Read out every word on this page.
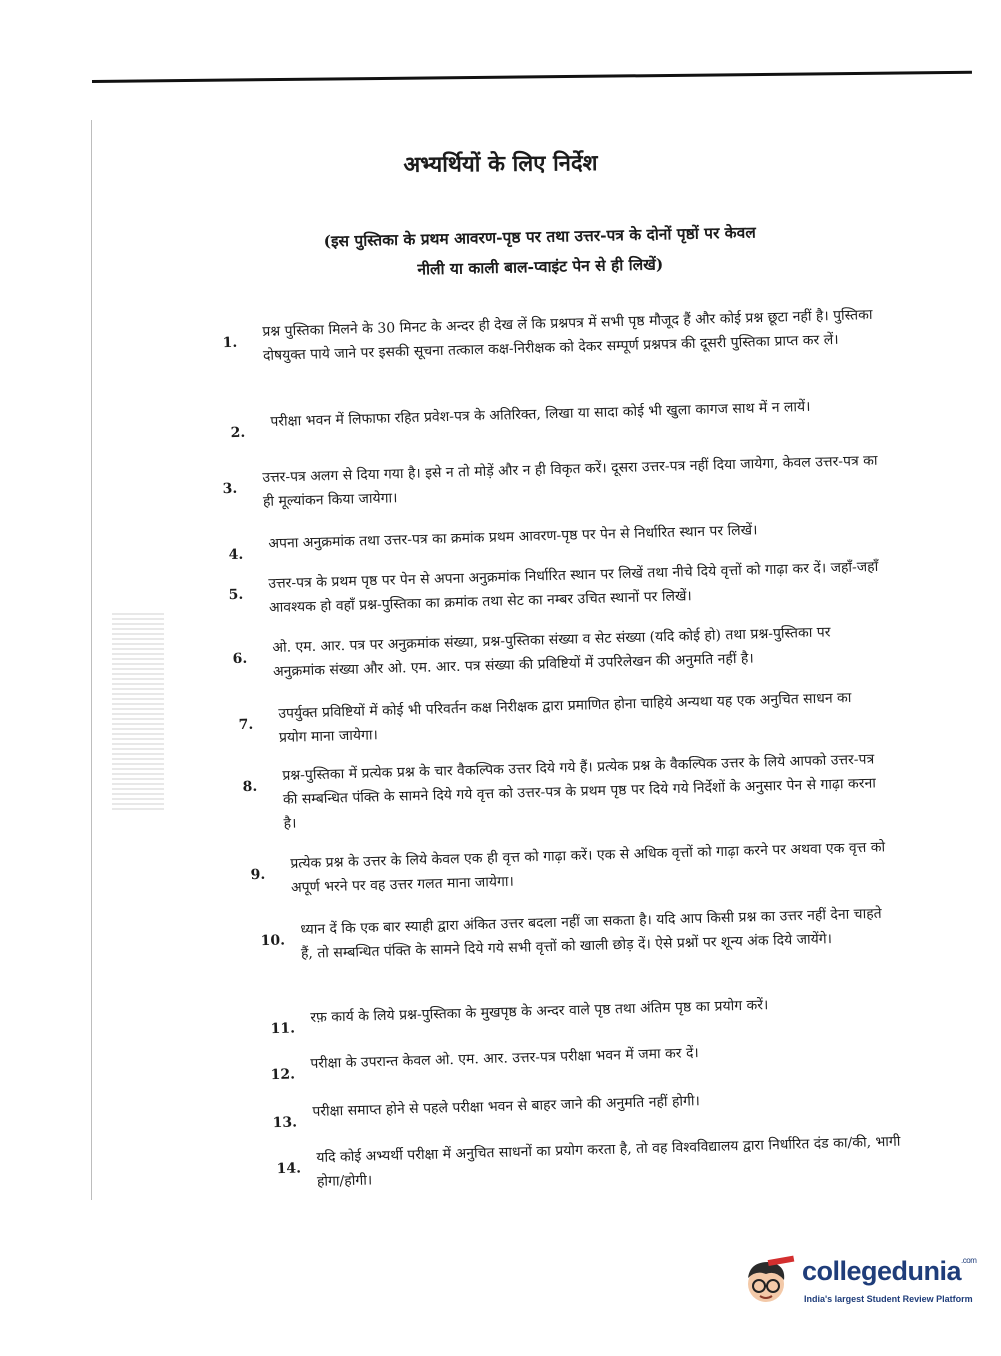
अभ्यर्थियों के लिए निर्देश
(इस पुस्तिका के प्रथम आवरण-पृष्ठ पर तथा उत्तर-पत्र के दोनों पृष्ठों पर केवल
नीली या काली बाल-प्वाइंट पेन से ही लिखें)
1.
प्रश्न पुस्तिका मिलने के 30 मिनट के अन्दर ही देख लें कि प्रश्नपत्र में सभी पृष्ठ मौजूद हैं और कोई प्रश्न छूटा नहीं है। पुस्तिका दोषयुक्त पाये जाने पर इसकी सूचना तत्काल कक्ष-निरीक्षक को देकर सम्पूर्ण प्रश्नपत्र की दूसरी पुस्तिका प्राप्त कर लें।
2.
परीक्षा भवन में लिफाफा रहित प्रवेश-पत्र के अतिरिक्त, लिखा या सादा कोई भी खुला कागज साथ में न लायें।
3.
उत्तर-पत्र अलग से दिया गया है। इसे न तो मोड़ें और न ही विकृत करें। दूसरा उत्तर-पत्र नहीं दिया जायेगा, केवल उत्तर-पत्र का ही मूल्यांकन किया जायेगा।
4.
अपना अनुक्रमांक तथा उत्तर-पत्र का क्रमांक प्रथम आवरण-पृष्ठ पर पेन से निर्धारित स्थान पर लिखें।
5.
उत्तर-पत्र के प्रथम पृष्ठ पर पेन से अपना अनुक्रमांक निर्धारित स्थान पर लिखें तथा नीचे दिये वृत्तों को गाढ़ा कर दें। जहाँ-जहाँ आवश्यक हो वहाँ प्रश्न-पुस्तिका का क्रमांक तथा सेट का नम्बर उचित स्थानों पर लिखें।
6.
ओ. एम. आर. पत्र पर अनुक्रमांक संख्या, प्रश्न-पुस्तिका संख्या व सेट संख्या (यदि कोई हो) तथा प्रश्न-पुस्तिका पर अनुक्रमांक संख्या और ओ. एम. आर. पत्र संख्या की प्रविष्टियों में उपरिलेखन की अनुमति नहीं है।
7.
उपर्युक्त प्रविष्टियों में कोई भी परिवर्तन कक्ष निरीक्षक द्वारा प्रमाणित होना चाहिये अन्यथा यह एक अनुचित साधन का प्रयोग माना जायेगा।
8.
प्रश्न-पुस्तिका में प्रत्येक प्रश्न के चार वैकल्पिक उत्तर दिये गये हैं। प्रत्येक प्रश्न के वैकल्पिक उत्तर के लिये आपको उत्तर-पत्र की सम्बन्धित पंक्ति के सामने दिये गये वृत्त को उत्तर-पत्र के प्रथम पृष्ठ पर दिये गये निर्देशों के अनुसार पेन से गाढ़ा करना है।
9.
प्रत्येक प्रश्न के उत्तर के लिये केवल एक ही वृत्त को गाढ़ा करें। एक से अधिक वृत्तों को गाढ़ा करने पर अथवा एक वृत्त को अपूर्ण भरने पर वह उत्तर गलत माना जायेगा।
10.
ध्यान दें कि एक बार स्याही द्वारा अंकित उत्तर बदला नहीं जा सकता है। यदि आप किसी प्रश्न का उत्तर नहीं देना चाहते हैं, तो सम्बन्धित पंक्ति के सामने दिये गये सभी वृत्तों को खाली छोड़ दें। ऐसे प्रश्नों पर शून्य अंक दिये जायेंगे।
11.
रफ़ कार्य के लिये प्रश्न-पुस्तिका के मुखपृष्ठ के अन्दर वाले पृष्ठ तथा अंतिम पृष्ठ का प्रयोग करें।
12.
परीक्षा के उपरान्त केवल ओ. एम. आर. उत्तर-पत्र परीक्षा भवन में जमा कर दें।
13.
परीक्षा समाप्त होने से पहले परीक्षा भवन से बाहर जाने की अनुमति नहीं होगी।
14.
यदि कोई अभ्यर्थी परीक्षा में अनुचित साधनों का प्रयोग करता है, तो वह विश्वविद्यालय द्वारा निर्धारित दंड का/की, भागी होगा/होगी।
collegedunia$^{.com}$
India's largest Student Review Platform
